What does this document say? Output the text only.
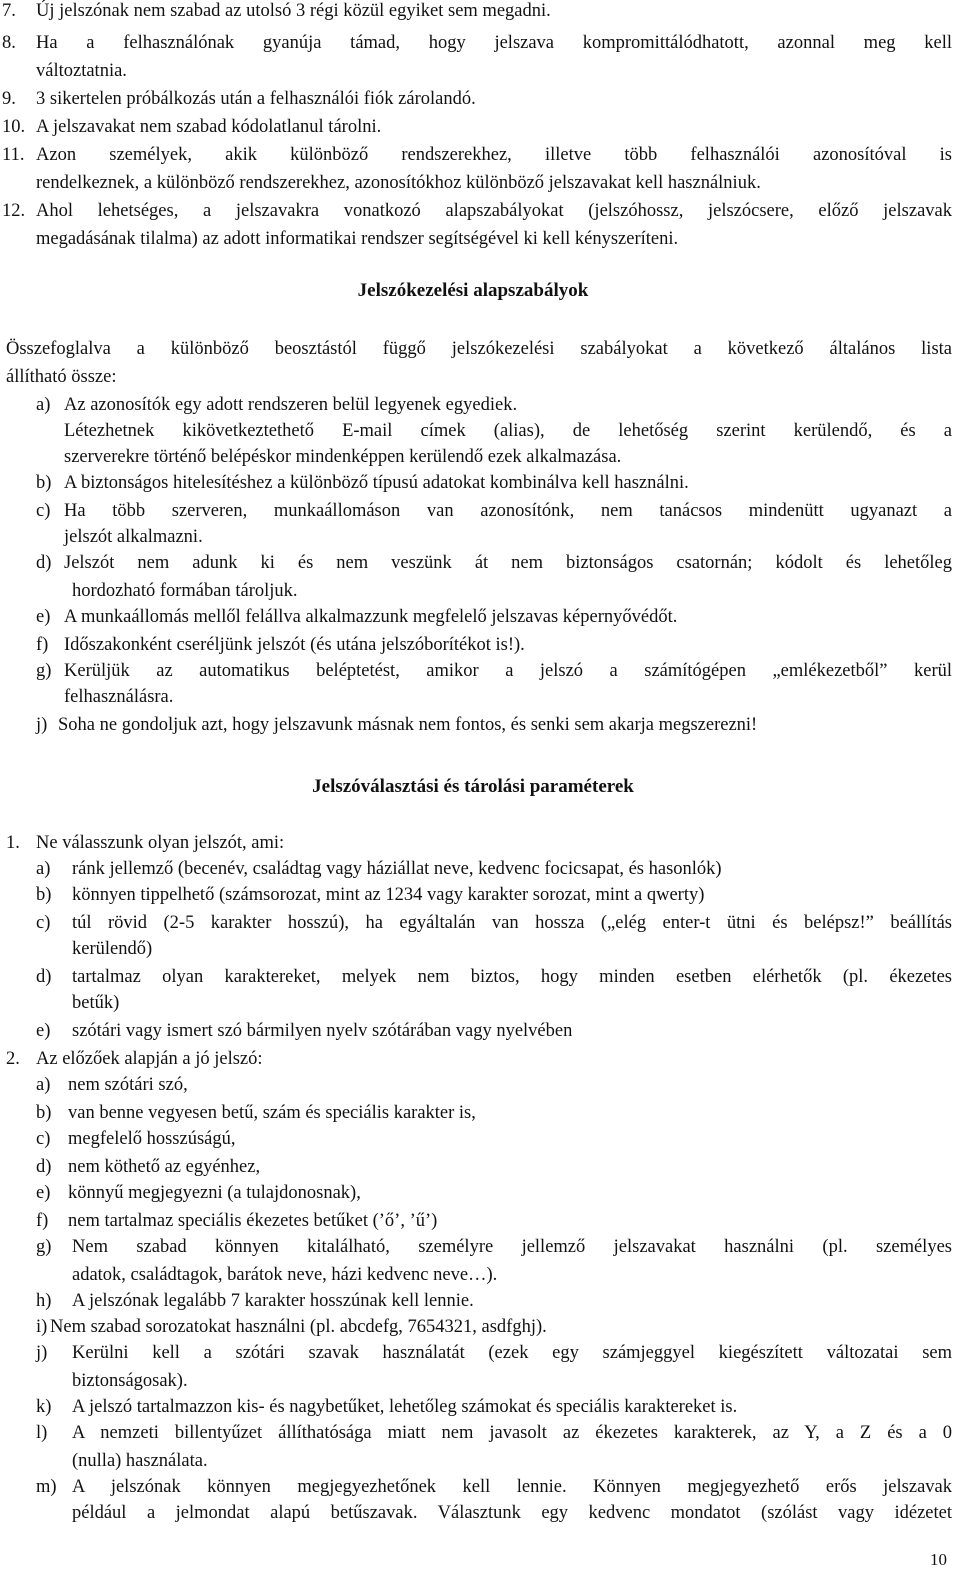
7. Új jelszónak nem szabad az utolsó 3 régi közül egyiket sem megadni.
8. Ha a felhasználónak gyanúja támad, hogy jelszava kompromittálódhatott, azonnal meg kell
változtatnia.
9. 3 sikertelen próbálkozás után a felhasználói fiók zárolandó.
10. A jelszavakat nem szabad kódolatlanul tárolni.
11. Azon személyek, akik különböző rendszerekhez, illetve több felhasználói azonosítóval is
rendelkeznek, a különböző rendszerekhez, azonosítókhoz különböző jelszavakat kell használniuk.
12. Ahol lehetséges, a jelszavakra vonatkozó alapszabályokat (jelszóhossz, jelszócsere, előző jelszavak
megadásának tilalma) az adott informatikai rendszer segítségével ki kell kényszeríteni.
Jelszókezelési alapszabályok
Összefoglalva a különböző beosztástól függő jelszókezelési szabályokat a következő általános lista
állítható össze:
a) Az azonosítók egy adott rendszeren belül legyenek egyediek.
Létezhetnek kikövetkeztethető E-mail címek (alias), de lehetőség szerint kerülendő, és a
szerverekre történő belépéskor mindenképpen kerülendő ezek alkalmazása.
b) A biztonságos hitelesítéshez a különböző típusú adatokat kombinálva kell használni.
c) Ha több szerveren, munkaállomáson van azonosítónk, nem tanácsos mindenütt ugyanazt a
jelszót alkalmazni.
d) Jelszót nem adunk ki és nem veszünk át nem biztonságos csatornán; kódolt és lehetőleg
hordozható formában tároljuk.
e) A munkaállomás mellől felállva alkalmazzunk megfelelő jelszavas képernyővédőt.
f) Időszakonként cseréljünk jelszót (és utána jelszóborítékot is!).
g) Kerüljük az automatikus beléptetést, amikor a jelszó a számítógépen „emlékezetből” kerül
felhasználásra.
j) Soha ne gondoljuk azt, hogy jelszavunk másnak nem fontos, és senki sem akarja megszerezni!
Jelszóválasztási és tárolási paraméterek
1. Ne válasszunk olyan jelszót, ami:
a) ránk jellemző (becenév, családtag vagy háziállat neve, kedvenc focicsapat, és hasonlók)
b) könnyen tippelhető (számsorozat, mint az 1234 vagy karakter sorozat, mint a qwerty)
c) túl rövid (2-5 karakter hosszú), ha egyáltalán van hossza („elég enter-t ütni és belépsz!” beállítás
kerülendő)
d) tartalmaz olyan karaktereket, melyek nem biztos, hogy minden esetben elérhetők (pl. ékezetes
betűk)
e) szótári vagy ismert szó bármilyen nyelv szótárában vagy nyelvében
2. Az előzőek alapján a jó jelszó:
a) nem szótári szó,
b) van benne vegyesen betű, szám és speciális karakter is,
c) megfelelő hosszúságú,
d) nem köthető az egyénhez,
e) könnyű megjegyezni (a tulajdonosnak),
f) nem tartalmaz speciális ékezetes betűket (’ő’, ’ű’)
g) Nem szabad könnyen kitalálható, személyre jellemző jelszavakat használni (pl. személyes
adatok, családtagok, barátok neve, házi kedvenc neve…).
h) A jelszónak legalább 7 karakter hosszúnak kell lennie.
i) Nem szabad sorozatokat használni (pl. abcdefg, 7654321, asdfghj).
j) Kerülni kell a szótári szavak használatát (ezek egy számjeggyel kiegészített változatai sem
biztonságosak).
k) A jelszó tartalmazzon kis- és nagybetűket, lehetőleg számokat és speciális karaktereket is.
l) A nemzeti billentyűzet állíthatósága miatt nem javasolt az ékezetes karakterek, az Y, a Z és a 0
(nulla) használata.
m) A jelszónak könnyen megjegyezhetőnek kell lennie. Könnyen megjegyezhető erős jelszavak
például a jelmondat alapú betűszavak. Választunk egy kedvenc mondatot (szólást vagy idézetet
10
